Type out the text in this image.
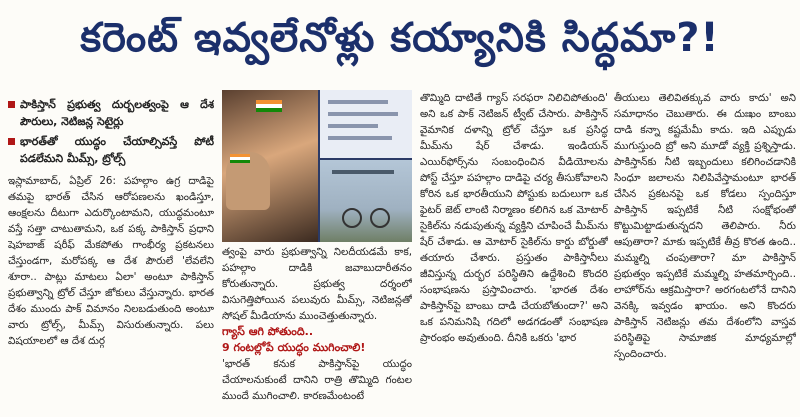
కరెంట్ ఇవ్వలేనోళ్లు కయ్యానికి సిద్ధమా?!
పాకిస్తాన్ ప్రభుత్వ దుర్బలత్వంపై ఆ దేశ పౌరులు, నెటిజన్ల సెటైర్లు
భారత్‌తో యుద్ధం చేయాల్సివస్తే పోటీ పడలేమని మీమ్స్, ట్రోల్స్

ఇస్లామాబాద్, ఏప్రిల్ 26: పహల్గాం ఉగ్ర దాడిపై తమపై భారత్ చేసిన ఆరోపణలను ఖండిస్తూ, ఆంక్షలను దీటుగా ఎదుర్కొంటామని, యుద్ధమంటూ వస్తే సత్తా చాటుతామని, ఒక పక్క పాకిస్తాన్ ప్రధాని షెహబాజ్ షరీఫ్ మేకపోతు గాంభీర్య ప్రకటనలు చేస్తుండగా, మరోపక్క ఆ దేశ పౌరులే 'లేవలేని శూరా.. పాట్లు మాటలు ఏలా' అంటూ పాకిస్తాన్ ప్రభుత్వాన్ని ట్రోల్ చేస్తూ జోకులు వేస్తున్నారు. భారత దేశం ముందు పాక్ విమానం నిలబడుతుంది అంటూ వారు ట్రోల్స్, మీమ్స్ విసురుతున్నారు. పలు విషయాలలో ఆ దేశ దుర్గ

త్వంపై వారు ప్రభుత్వాన్ని నిలదీయడమే కాక, పహల్గాం దాడికి జవాబుదారీతనం కోరుతున్నారు. ప్రభుత్వ దర్శంలో విసుగెత్తిపోయిన పలువురు మీమ్స్, నెటిజన్లతో సోషల్ మీడియాను ముంచెత్తుతున్నారు.

గ్యాస్ ఆగి పోతుంది..

9 గంటల్లోపే యుద్ధం ముగించాలి!

'భారత్ కనుక పాకిస్తాన్‌పై యుద్ధం చేయాలనుకుంటే దానిని రాత్రి తొమ్మిది గంటల ముందే ముగించాలి. కారణమేంటంటే

తొమ్మిది దాటితే గ్యాస్ సరఫరా నిలిచిపోతుంది' అని ఒక పాక్ నెటిజన్ ట్వీట్ చేసారు. పాకిస్తాన్ వైమానిక దళాన్ని ట్రోల్ చేస్తూ ఒక ప్రసిద్ధ మీమ్‌ను షేర్ చేశాడు. ఇండియన్ ఎయిర్‌ఫోర్స్‌ను సంబంధించిన వీడియోలను పోస్ట్ చేస్తూ పహల్గాం దాడిపై చర్య తీసుకోవాలని కోరిన ఒక భారతీయుని పోస్టుకు బదులుగా ఒక ఫైటర్ జెట్ లాంటి నిర్మాణం కలిగిన ఒక మోటార్ సైకిల్‌ను నడుపుతున్న వ్యక్తిని చూపించే మీమ్‌ను షేర్ చేశాడు. ఆ మోటార్ సైకిల్‌ను కార్డు బోర్డుతో తయారు చేశారు. ప్రస్తుతం పాకిస్తానీలు జీవిస్తున్న దుర్భర పరిస్థితిని ఉద్దేశించి కొందరి సంభాషణను ప్రస్తావించారు. 'భారత దేశం పాకిస్తాన్‌పై బాంబు దాడి చేయబోతుందా?' అని ఒక పనిమనిషి గదిలో అడగడంతో సంభాషణ ప్రారంభం అవుతుంది. దీనికి ఒకరు 'భార

తీయులు తెలివితక్కువ వారు కాదు' అని సమాధానం చెబుతారు. ఈ దుఃఖం బాంబు దాడి కన్నా కష్టమేమీ కాదు. ఇది ఎప్పుడు ముగుస్తుంది బ్రో అని మూడో వ్యక్తి ప్రశ్నిస్తాడు. పాకిస్తాన్‌కు నీటి ఇబ్బందులు కలిగించడానికి సింధూ జలాలను నిలిపివేస్తామంటూ భారత్ చేసిన ప్రకటనపై ఒక కోడలు స్పందిస్తూ పాకిస్తాన్ ఇప్పటికే నీటి సంక్షోభంతో కొట్టుమిట్టాడుతున్నదని తెలిపారు. నీరు ఆపుతారా? మాకు ఇప్పటికే తీవ్ర కొరత ఉంది.. మమ్మల్ని చంపుతారా? మా పాకిస్తాన్ ప్రభుత్వం ఇప్పటికే మమ్మల్ని హతమార్చింది.. లాహోర్‌ను ఆక్రమిస్తారా? అరగంటలోనే దానిని వెనక్కి ఇవ్వడం ఖాయం. అని కొందరు పాకిస్తాన్ నెటిజన్లు తమ దేశంలోని వాస్తవ పరిస్థితిపై సామాజిక మాధ్యమాల్లో స్పందించారు.
